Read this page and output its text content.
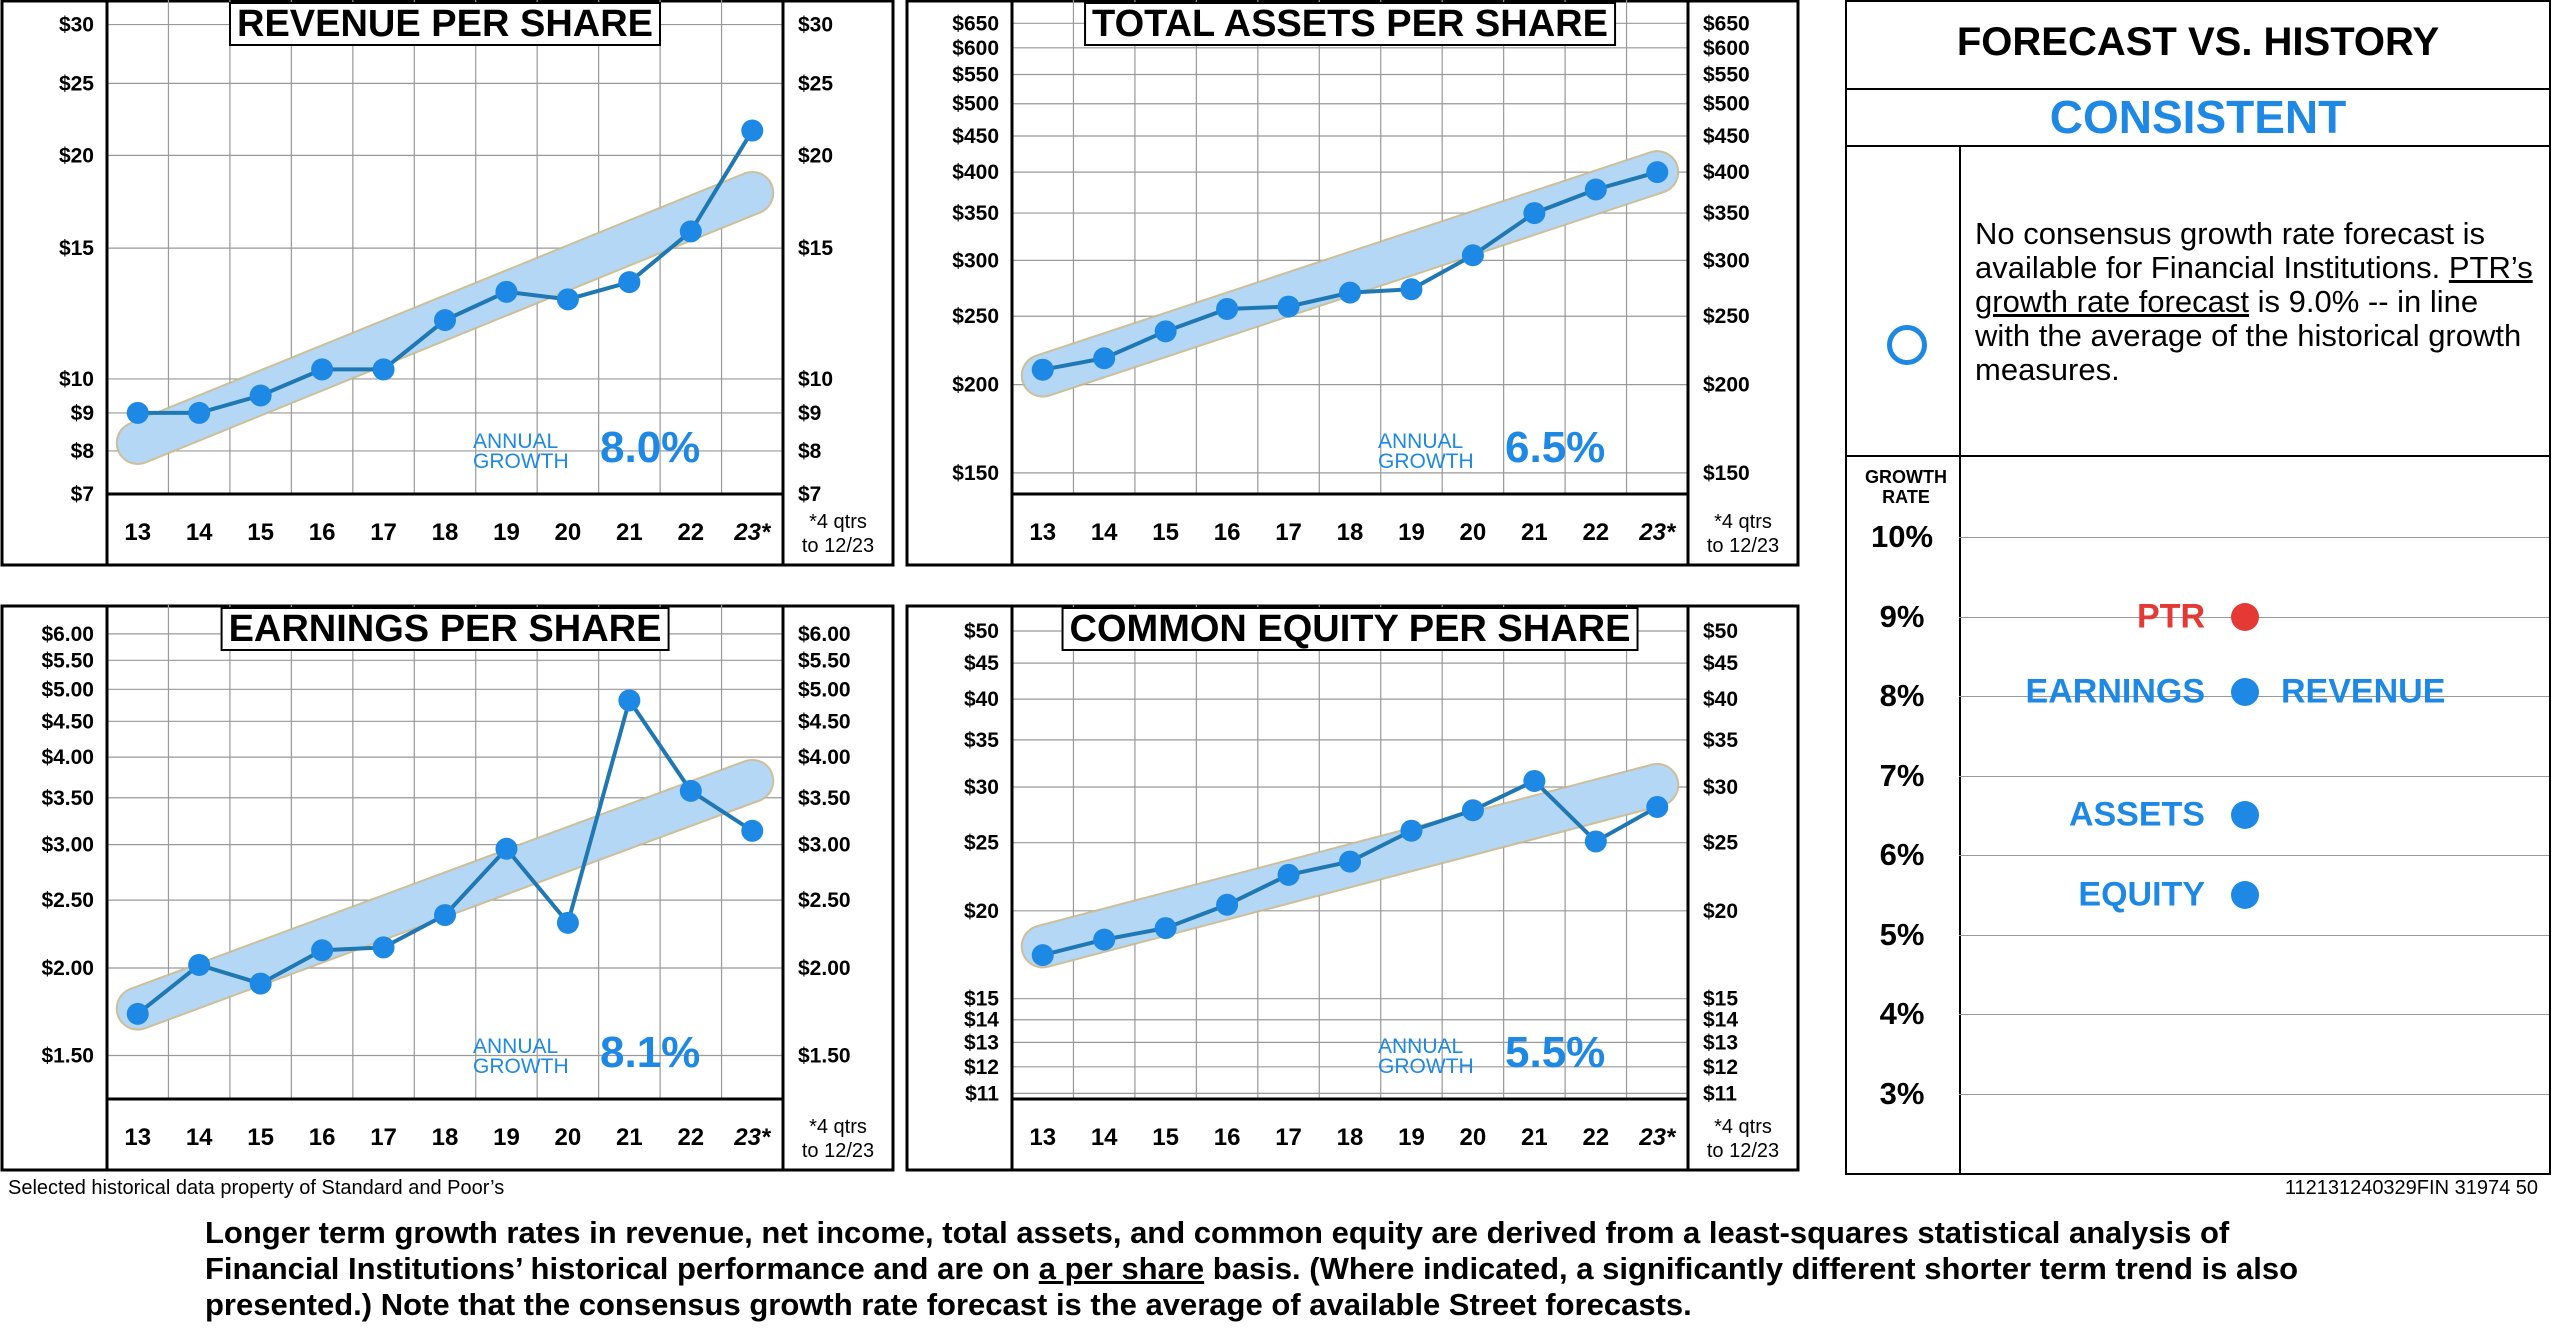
$30	$30
$25	$25
$20	$20
$15	$15
$10	$10
$9	$9
$8	$8
$7	$7
13 14 15 16 17 18 19 20 21 22 23* *4 qtrs
to 12/23
REVENUE PER SHARE
ANNUAL
GROWTH 8.0%
$650	$650
$600	$600
$550	$550
$500	$500
$450	$450
$400	$400
$350	$350
$300	$300
$250	$250
$200	$200
$150	$150
13 14 15 16 17 18 19 20 21 22 23* *4 qtrs
to 12/23
TOTAL ASSETS PER SHARE
ANNUAL
GROWTH 6.5%
$6.00	$6.00
$5.50	$5.50
$5.00	$5.00
$4.50	$4.50
$4.00	$4.00
$3.50	$3.50
$3.00	$3.00
$2.50	$2.50
$2.00	$2.00
$1.50	$1.50
13 14 15 16 17 18 19 20 21 22 23* *4 qtrs
to 12/23
EARNINGS PER SHARE
ANNUAL
GROWTH 8.1%
$50	$50
$45	$45
$40	$40
$35	$35
$30	$30
$25	$25
$20	$20
$15	$15
$14	$14
$13	$13
$12	$12
$11	$11
13 14 15 16 17 18 19 20 21 22 23* *4 qtrs
to 12/23
COMMON EQUITY PER SHARE
ANNUAL
GROWTH 5.5%
FORECAST VS. HISTORY
CONSISTENT
No consensus growth rate forecast is available for Financial Institutions. PTR’s growth rate forecast is 9.0% -- in line with the average of the historical growth measures.
GROWTH
RATE
10%
9%
8%
7%
6%
5%
4%
3%
PTR
EARNINGS REVENUE
ASSETS
EQUITY
Selected historical data property of Standard and Poor’s	112131240329FIN 31974 50
Longer term growth rates in revenue, net income, total assets, and common equity are derived from a least-squares statistical analysis of Financial Institutions’ historical performance and are on a per share basis. (Where indicated, a significantly different shorter term trend is also presented.) Note that the consensus growth rate forecast is the average of available Street forecasts.
